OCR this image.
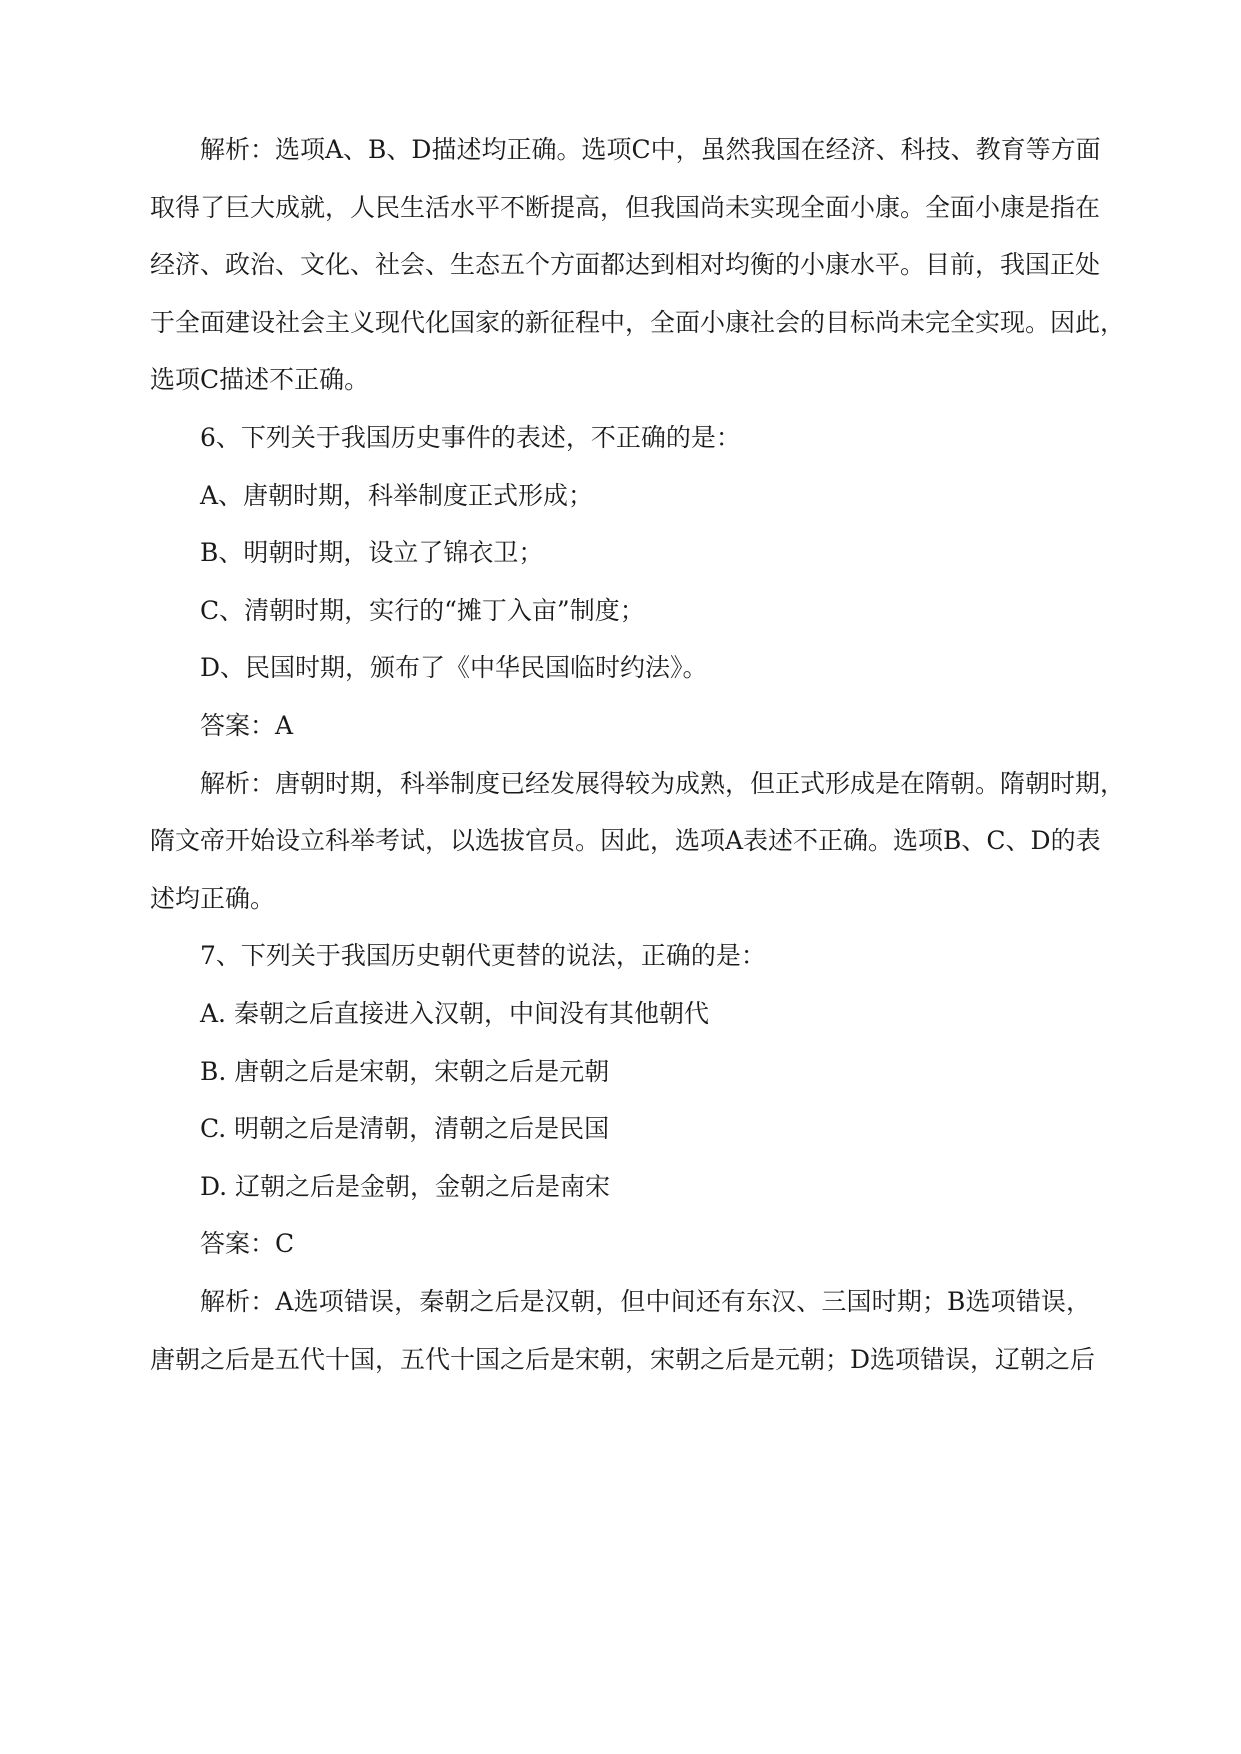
解析：选项A、B、D描述均正确。选项C中，虽然我国在经济、科技、教育等方面
取得了巨大成就，人民生活水平不断提高，但我国尚未实现全面小康。全面小康是指在
经济、政治、文化、社会、生态五个方面都达到相对均衡的小康水平。目前，我国正处
于全面建设社会主义现代化国家的新征程中，全面小康社会的目标尚未完全实现。因此，
选项C描述不正确。
6、下列关于我国历史事件的表述，不正确的是：
A、唐朝时期，科举制度正式形成；
B、明朝时期，设立了锦衣卫；
C、清朝时期，实行的“摊丁入亩”制度；
D、民国时期，颁布了《中华民国临时约法》。
答案：A
解析：唐朝时期，科举制度已经发展得较为成熟，但正式形成是在隋朝。隋朝时期，
隋文帝开始设立科举考试，以选拔官员。因此，选项A表述不正确。选项B、C、D的表
述均正确。
7、下列关于我国历史朝代更替的说法，正确的是：
A. 秦朝之后直接进入汉朝，中间没有其他朝代
B. 唐朝之后是宋朝，宋朝之后是元朝
C. 明朝之后是清朝，清朝之后是民国
D. 辽朝之后是金朝，金朝之后是南宋
答案：C
解析：A选项错误，秦朝之后是汉朝，但中间还有东汉、三国时期；B选项错误，
唐朝之后是五代十国，五代十国之后是宋朝，宋朝之后是元朝；D选项错误，辽朝之后
